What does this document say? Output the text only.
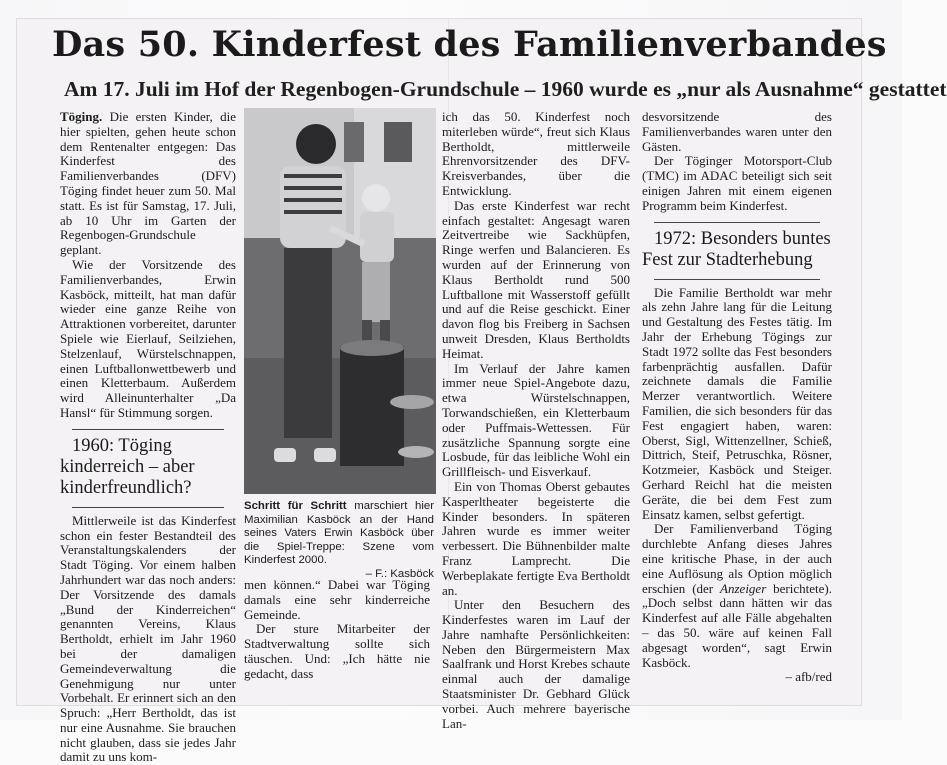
Das 50. Kinderfest des Familienverbandes
Am 17. Juli im Hof der Regenbogen-Grundschule – 1960 wurde es „nur als Ausnahme“ gestattet

Töging. Die ersten Kinder, die hier spielten, gehen heute schon dem Rentenalter entgegen: Das Kinderfest des Familienverbandes (DFV) Töging findet heuer zum 50. Mal statt. Es ist für Samstag, 17. Juli, ab 10 Uhr im Garten der Regenbogen-Grundschule geplant.

Wie der Vorsitzende des Familienverbandes, Erwin Kasböck, mitteilt, hat man dafür wieder eine ganze Reihe von Attraktionen vorbereitet, darunter Spiele wie Eierlauf, Seilziehen, Stelzenlauf, Würstelschnappen, einen Luftballonwettbewerb und einen Kletterbaum. Außerdem wird Alleinunterhalter „Da Hansl“ für Stimmung sorgen.

1960: Töging kinderreich – aber kinderfreundlich?

Mittlerweile ist das Kinderfest schon ein fester Bestandteil des Veranstaltungskalenders der Stadt Töging. Vor einem halben Jahrhundert war das noch anders: Der Vorsitzende des damals „Bund der Kinderreichen“ genannten Vereins, Klaus Bertholdt, erhielt im Jahr 1960 bei der damaligen Gemeindeverwaltung die Genehmigung nur unter Vorbehalt. Er erinnert sich an den Spruch: „Herr Bertholdt, das ist nur eine Ausnahme. Sie brauchen nicht glauben, dass sie jedes Jahr damit zu uns kom-

Schritt für Schritt marschiert hier Maximilian Kasböck an der Hand seines Vaters Erwin Kasböck über die Spiel-Treppe: Szene vom Kinderfest 2000.
– F.: Kasböck

men können.“ Dabei war Töging damals eine sehr kinderreiche Gemeinde.

Der sture Mitarbeiter der Stadtverwaltung sollte sich täuschen. Und: „Ich hätte nie gedacht, dass

ich das 50. Kinderfest noch miterleben würde“, freut sich Klaus Bertholdt, mittlerweile Ehrenvorsitzender des DFV-Kreisverbandes, über die Entwicklung.

Das erste Kinderfest war recht einfach gestaltet: Angesagt waren Zeitvertreibe wie Sackhüpfen, Ringe werfen und Balancieren. Es wurden auf der Erinnerung von Klaus Bertholdt rund 500 Luftballone mit Wasserstoff gefüllt und auf die Reise geschickt. Einer davon flog bis Freiberg in Sachsen unweit Dresden, Klaus Bertholdts Heimat.

Im Verlauf der Jahre kamen immer neue Spiel-Angebote dazu, etwa Würstelschnappen, Torwandschießen, ein Kletterbaum oder Puffmais-Wettessen. Für zusätzliche Spannung sorgte eine Losbude, für das leibliche Wohl ein Grillfleisch- und Eisverkauf.

Ein von Thomas Oberst gebautes Kasperltheater begeisterte die Kinder besonders. In späteren Jahren wurde es immer weiter verbessert. Die Bühnenbilder malte Franz Lamprecht. Die Werbeplakate fertigte Eva Bertholdt an.

Unter den Besuchern des Kinderfestes waren im Lauf der Jahre namhafte Persönlichkeiten: Neben den Bürgermeistern Max Saalfrank und Horst Krebes schaute einmal auch der damalige Staatsminister Dr. Gebhard Glück vorbei. Auch mehrere bayerische Lan-

desvorsitzende des Familienverbandes waren unter den Gästen.

Der Töginger Motorsport-Club (TMC) im ADAC beteiligt sich seit einigen Jahren mit einem eigenen Programm beim Kinderfest.

1972: Besonders buntes Fest zur Stadterhebung

Die Familie Bertholdt war mehr als zehn Jahre lang für die Leitung und Gestaltung des Festes tätig. Im Jahr der Erhebung Tögings zur Stadt 1972 sollte das Fest besonders farbenprächtig ausfallen. Dafür zeichnete damals die Familie Merzer verantwortlich. Weitere Familien, die sich besonders für das Fest engagiert haben, waren: Oberst, Sigl, Wittenzellner, Schieß, Dittrich, Steif, Petruschka, Rösner, Kotzmeier, Kasböck und Steiger. Gerhard Reichl hat die meisten Geräte, die bei dem Fest zum Einsatz kamen, selbst gefertigt.

Der Familienverband Töging durchlebte Anfang dieses Jahres eine kritische Phase, in der auch eine Auflösung als Option möglich erschien (der Anzeiger berichtete). „Doch selbst dann hätten wir das Kinderfest auf alle Fälle abgehalten – das 50. wäre auf keinen Fall abgesagt worden“, sagt Erwin Kasböck.

– afb/red
